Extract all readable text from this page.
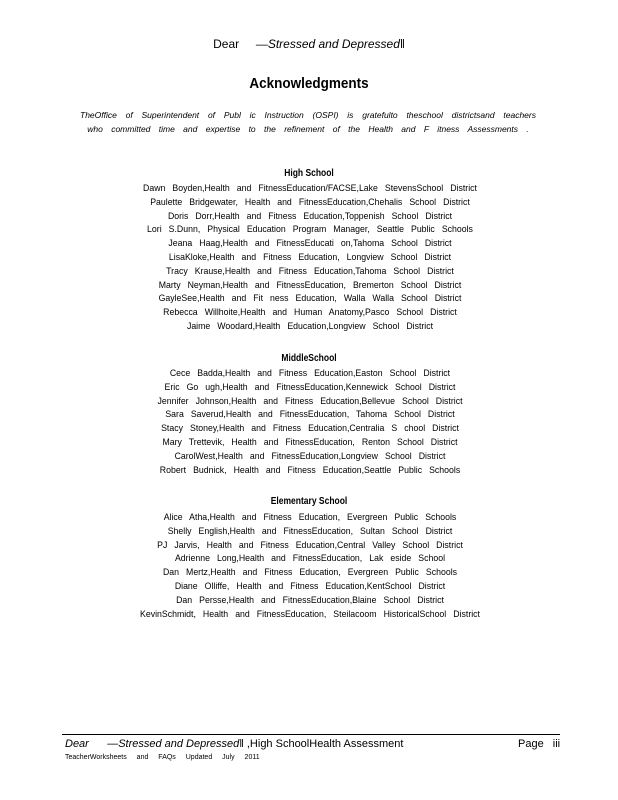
Dear —Stressed and Depressed‖
Acknowledgments
TheOffice of Superintendent of Publ ic Instruction (OSPI) is gratefulto theschool districtsand teachers who committed time and expertise to the refinement of the Health and F itness Assessments .
High School
Dawn Boyden,Health and FitnessEducation/FACSE,Lake StevensSchool District
Paulette Bridgewater, Health and FitnessEducation,Chehalis School District
Doris Dorr,Health and Fitness Education,Toppenish School District
Lori S.Dunn, Physical Education Program Manager, Seattle Public Schools
Jeana Haag,Health and FitnessEducati on,Tahoma School District
LisaKloke,Health and Fitness Education, Longview School District
Tracy Krause,Health and Fitness Education,Tahoma School District
Marty Neyman,Health and FitnessEducation, Bremerton School District
GayleSee,Health and Fit ness Education, Walla Walla School District
Rebecca Willhoite,Health and Human Anatomy,Pasco School District
Jaime Woodard,Health Education,Longview School District
MiddleSchool
Cece Badda,Health and Fitness Education,Easton School District
Eric Go ugh,Health and FitnessEducation,Kennewick School District
Jennifer Johnson,Health and Fitness Education,Bellevue School District
Sara Saverud,Health and FitnessEducation, Tahoma School District
Stacy Stoney,Health and Fitness Education,Centralia S chool District
Mary Trettevik, Health and FitnessEducation, Renton School District
CarolWest,Health and FitnessEducation,Longview School District
Robert Budnick, Health and Fitness Education,Seattle Public Schools
Elementary School
Alice Atha,Health and Fitness Education, Evergreen Public Schools
Shelly English,Health and FitnessEducation, Sultan School District
PJ Jarvis, Health and Fitness Education,Central Valley School District
Adrienne Long,Health and FitnessEducation, Lak eside School
Dan Mertz,Health and Fitness Education, Evergreen Public Schools
Diane Olliffe, Health and Fitness Education,KentSchool District
Dan Persse,Health and FitnessEducation,Blaine School District
KevinSchmidt, Health and FitnessEducation, Steilacoom HistoricalSchool District
Dear —Stressed and Depressed‖ ,High SchoolHealth Assessment	Page iii
TeacherWorksheets and FAQs Updated July 2011
